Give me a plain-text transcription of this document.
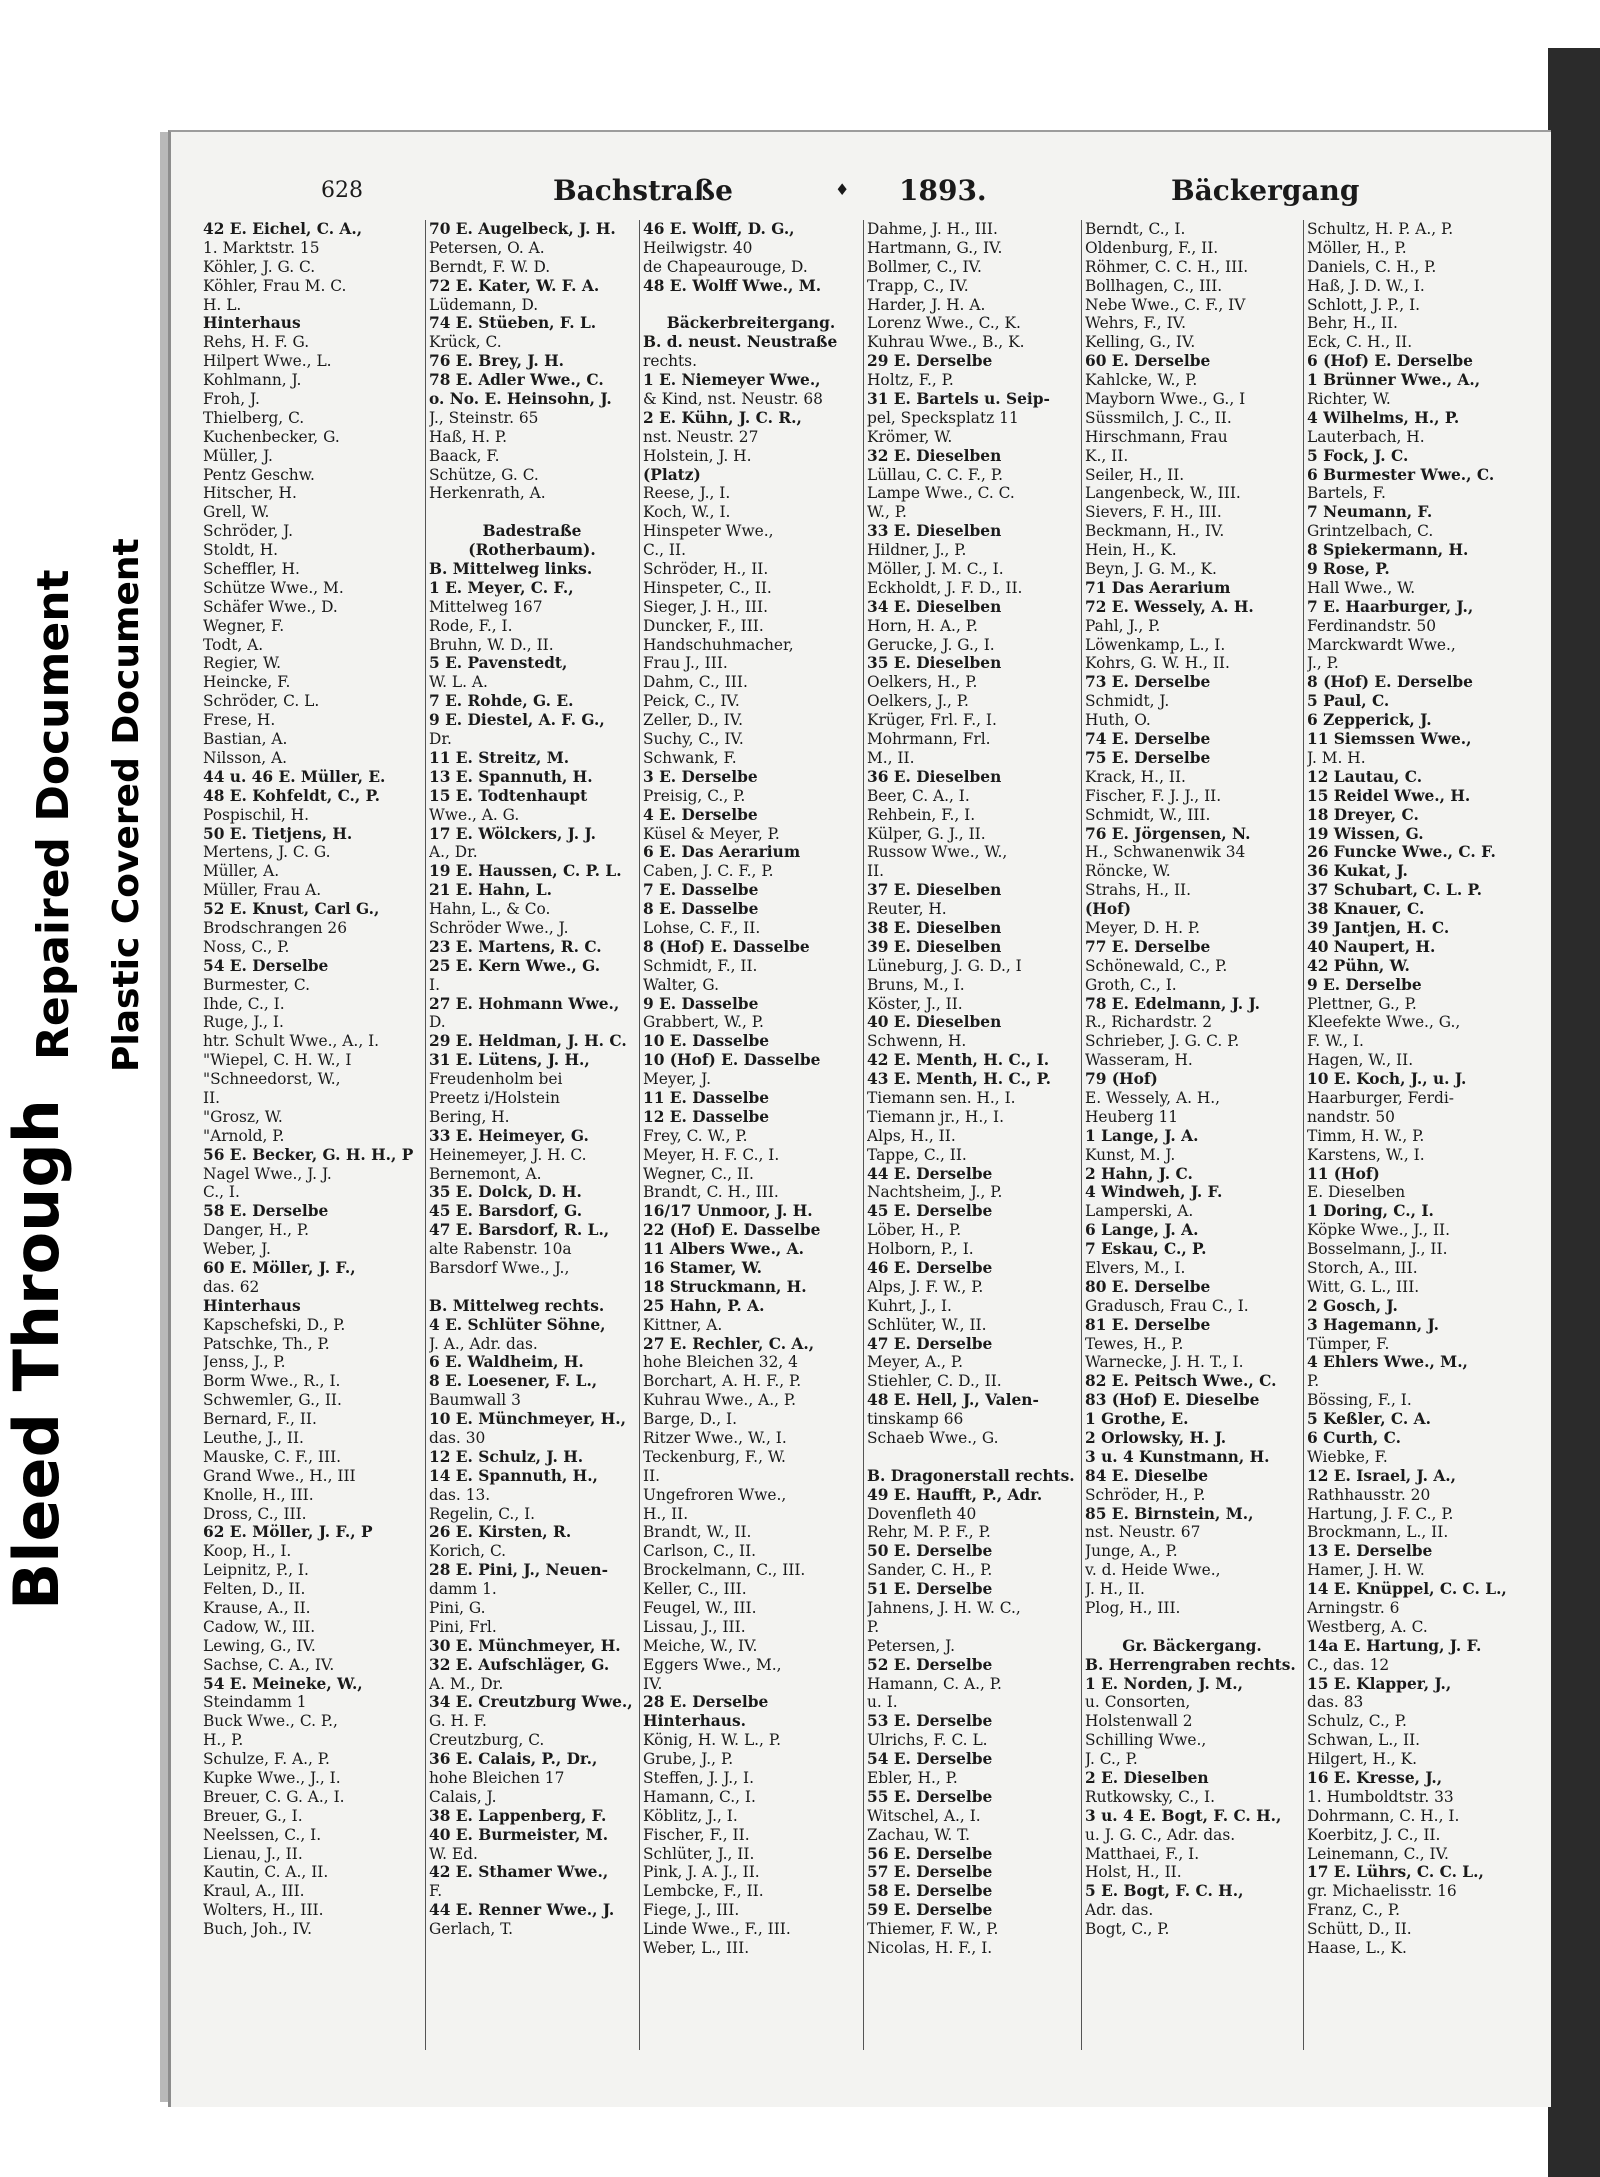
Bleed Through
Repaired Document Plastic Covered Document
628	Bachstraße	♦ 1893.	Bäckergang
42 E. Eichel, C. A.,
1. Marktstr. 15
Köhler, J. G. C.
Köhler, Frau M. C.
H. L.
Hinterhaus
Rehs, H. F. G.
Hilpert Wwe., L.
Kohlmann, J.
Froh, J.
Thielberg, C.
Kuchenbecker, G.
Müller, J.
Pentz Geschw.
Hitscher, H.
Grell, W.
Schröder, J.
Stoldt, H.
Scheffler, H.
Schütze Wwe., M.
Schäfer Wwe., D.
Wegner, F.
Todt, A.
Regier, W.
Heincke, F.
Schröder, C. L.
Frese, H.
Bastian, A.
Nilsson, A.
44 u. 46 E. Müller, E.
48 E. Kohfeldt, C., P.
Pospischil, H.
50 E. Tietjens, H.
Mertens, J. C. G.
Müller, A.
Müller, Frau A.
52 E. Knust, Carl G.,
Brodschrangen 26
Noss, C., P.
54 E. Derselbe
Burmester, C.
Ihde, C., I.
Ruge, J., I.
htr. Schult Wwe., A., I.
"Wiepel, C. H. W., I
"Schneedorst, W.,
II.
"Grosz, W.
"Arnold, P.
56 E. Becker, G. H. H., P
Nagel Wwe., J. J.
C., I.
58 E. Derselbe
Danger, H., P.
Weber, J.
60 E. Möller, J. F.,
das. 62
Hinterhaus
Kapschefski, D., P.
Patschke, Th., P.
Jenss, J., P.
Borm Wwe., R., I.
Schwemler, G., II.
Bernard, F., II.
Leuthe, J., II.
Mauske, C. F., III.
Grand Wwe., H., III
Knolle, H., III.
Dross, C., III.
62 E. Möller, J. F., P
Koop, H., I.
Leipnitz, P., I.
Felten, D., II.
Krause, A., II.
Cadow, W., III.
Lewing, G., IV.
Sachse, C. A., IV.
54 E. Meineke, W.,
Steindamm 1
Buck Wwe., C. P.,
H., P.
Schulze, F. A., P.
Kupke Wwe., J., I.
Breuer, C. G. A., I.
Breuer, G., I.
Neelssen, C., I.
Lienau, J., II.
Kautin, C. A., II.
Kraul, A., III.
Wolters, H., III.
Buch, Joh., IV.
70 E. Augelbeck, J. H.
Petersen, O. A.
Berndt, F. W. D.
72 E. Kater, W. F. A.
Lüdemann, D.
74 E. Stüeben, F. L.
Krück, C.
76 E. Brey, J. H.
78 E. Adler Wwe., C.
o. No. E. Heinsohn, J.
J., Steinstr. 65
Haß, H. P.
Baack, F.
Schütze, G. C.
Herkenrath, A.

Badestraße
(Rotherbaum).
B. Mittelweg links.
1 E. Meyer, C. F.,
Mittelweg 167
Rode, F., I.
Bruhn, W. D., II.
5 E. Pavenstedt,
W. L. A.
7 E. Rohde, G. E.
9 E. Diestel, A. F. G.,
Dr.
11 E. Streitz, M.
13 E. Spannuth, H.
15 E. Todtenhaupt
Wwe., A. G.
17 E. Wölckers, J. J.
A., Dr.
19 E. Haussen, C. P. L.
21 E. Hahn, L.
Hahn, L., & Co.
Schröder Wwe., J.
23 E. Martens, R. C.
25 E. Kern Wwe., G.
I.
27 E. Hohmann Wwe.,
D.
29 E. Heldman, J. H. C.
31 E. Lütens, J. H.,
Freudenholm bei
Preetz i/Holstein
Bering, H.
33 E. Heimeyer, G.
Heinemeyer, J. H. C.
Bernemont, A.
35 E. Dolck, D. H.
45 E. Barsdorf, G.
47 E. Barsdorf, R. L.,
alte Rabenstr. 10a
Barsdorf Wwe., J.,

B. Mittelweg rechts.
4 E. Schlüter Söhne,
J. A., Adr. das.
6 E. Waldheim, H.
8 E. Loesener, F. L.,
Baumwall 3
10 E. Münchmeyer, H.,
das. 30
12 E. Schulz, J. H.
14 E. Spannuth, H.,
das. 13.
Regelin, C., I.
26 E. Kirsten, R.
Korich, C.
28 E. Pini, J., Neuen-
damm 1.
Pini, G.
Pini, Frl.
30 E. Münchmeyer, H.
32 E. Aufschläger, G.
A. M., Dr.
34 E. Creutzburg Wwe.,
G. H. F.
Creutzburg, C.
36 E. Calais, P., Dr.,
hohe Bleichen 17
Calais, J.
38 E. Lappenberg, F.
40 E. Burmeister, M.
W. Ed.
42 E. Sthamer Wwe.,
F.
44 E. Renner Wwe., J.
Gerlach, T.
46 E. Wolff, D. G.,
Heilwigstr. 40
de Chapeaurouge, D.
48 E. Wolff Wwe., M.

Bäckerbreitergang.
B. d. neust. Neustraße
rechts.
1 E. Niemeyer Wwe.,
& Kind, nst. Neustr. 68
2 E. Kühn, J. C. R.,
nst. Neustr. 27
Holstein, J. H.
(Platz)
Reese, J., I.
Koch, W., I.
Hinspeter Wwe.,
C., II.
Schröder, H., II.
Hinspeter, C., II.
Sieger, J. H., III.
Duncker, F., III.
Handschuhmacher,
Frau J., III.
Dahm, C., III.
Peick, C., IV.
Zeller, D., IV.
Suchy, C., IV.
Schwank, F.
3 E. Derselbe
Preisig, C., P.
4 E. Derselbe
Küsel & Meyer, P.
6 E. Das Aerarium
Caben, J. C. F., P.
7 E. Dasselbe
8 E. Dasselbe
Lohse, C. F., II.
8 (Hof) E. Dasselbe
Schmidt, F., II.
Walter, G.
9 E. Dasselbe
Grabbert, W., P.
10 E. Dasselbe
10 (Hof) E. Dasselbe
Meyer, J.
11 E. Dasselbe
12 E. Dasselbe
Frey, C. W., P.
Meyer, H. F. C., I.
Wegner, C., II.
Brandt, C. H., III.
16/17 Unmoor, J. H.
22 (Hof) E. Dasselbe
11 Albers Wwe., A.
16 Stamer, W.
18 Struckmann, H.
25 Hahn, P. A.
Kittner, A.
27 E. Rechler, C. A.,
hohe Bleichen 32, 4
Borchart, A. H. F., P.
Kuhrau Wwe., A., P.
Barge, D., I.
Ritzer Wwe., W., I.
Teckenburg, F., W.
II.
Ungefroren Wwe.,
H., II.
Brandt, W., II.
Carlson, C., II.
Brockelmann, C., III.
Keller, C., III.
Feugel, W., III.
Lissau, J., III.
Meiche, W., IV.
Eggers Wwe., M.,
IV.
28 E. Derselbe
Hinterhaus.
König, H. W. L., P.
Grube, J., P.
Steffen, J. J., I.
Hamann, C., I.
Köblitz, J., I.
Fischer, F., II.
Schlüter, J., II.
Pink, J. A. J., II.
Lembcke, F., II.
Fiege, J., III.
Linde Wwe., F., III.
Weber, L., III.
Dahme, J. H., III.
Hartmann, G., IV.
Bollmer, C., IV.
Trapp, C., IV.
Harder, J. H. A.
Lorenz Wwe., C., K.
Kuhrau Wwe., B., K.
29 E. Derselbe
Holtz, F., P.
31 E. Bartels u. Seip-
pel, Specksplatz 11
Krömer, W.
32 E. Dieselben
Lüllau, C. C. F., P.
Lampe Wwe., C. C.
W., P.
33 E. Dieselben
Hildner, J., P.
Möller, J. M. C., I.
Eckholdt, J. F. D., II.
34 E. Dieselben
Horn, H. A., P.
Gerucke, J. G., I.
35 E. Dieselben
Oelkers, H., P.
Oelkers, J., P.
Krüger, Frl. F., I.
Mohrmann, Frl.
M., II.
36 E. Dieselben
Beer, C. A., I.
Rehbein, F., I.
Külper, G. J., II.
Russow Wwe., W.,
II.
37 E. Dieselben
Reuter, H.
38 E. Dieselben
39 E. Dieselben
Lüneburg, J. G. D., I
Bruns, M., I.
Köster, J., II.
40 E. Dieselben
Schwenn, H.
42 E. Menth, H. C., I.
43 E. Menth, H. C., P.
Tiemann sen. H., I.
Tiemann jr., H., I.
Alps, H., II.
Tappe, C., II.
44 E. Derselbe
Nachtsheim, J., P.
45 E. Derselbe
Löber, H., P.
Holborn, P., I.
46 E. Derselbe
Alps, J. F. W., P.
Kuhrt, J., I.
Schlüter, W., II.
47 E. Derselbe
Meyer, A., P.
Stiehler, C. D., II.
48 E. Hell, J., Valen-
tinskamp 66
Schaeb Wwe., G.

B. Dragonerstall rechts.
49 E. Haufft, P., Adr.
Dovenfleth 40
Rehr, M. P. F., P.
50 E. Derselbe
Sander, C. H., P.
51 E. Derselbe
Jahnens, J. H. W. C.,
P.
Petersen, J.
52 E. Derselbe
Hamann, C. A., P.
u. I.
53 E. Derselbe
Ulrichs, F. C. L.
54 E. Derselbe
Ebler, H., P.
55 E. Derselbe
Witschel, A., I.
Zachau, W. T.
56 E. Derselbe
57 E. Derselbe
58 E. Derselbe
59 E. Derselbe
Thiemer, F. W., P.
Nicolas, H. F., I.
Berndt, C., I.
Oldenburg, F., II.
Röhmer, C. C. H., III.
Bollhagen, C., III.
Nebe Wwe., C. F., IV
Wehrs, F., IV.
Kelling, G., IV.
60 E. Derselbe
Kahlcke, W., P.
Mayborn Wwe., G., I
Süssmilch, J. C., II.
Hirschmann, Frau
K., II.
Seiler, H., II.
Langenbeck, W., III.
Sievers, F. H., III.
Beckmann, H., IV.
Hein, H., K.
Beyn, J. G. M., K.
71 Das Aerarium
72 E. Wessely, A. H.
Pahl, J., P.
Löwenkamp, L., I.
Kohrs, G. W. H., II.
73 E. Derselbe
Schmidt, J.
Huth, O.
74 E. Derselbe
75 E. Derselbe
Krack, H., II.
Fischer, F. J. J., II.
Schmidt, W., III.
76 E. Jörgensen, N.
H., Schwanenwik 34
Röncke, W.
Strahs, H., II.
(Hof)
Meyer, D. H. P.
77 E. Derselbe
Schönewald, C., P.
Groth, C., I.
78 E. Edelmann, J. J.
R., Richardstr. 2
Schrieber, J. G. C. P.
Wasseram, H.
79 (Hof)
E. Wessely, A. H.,
Heuberg 11
1 Lange, J. A.
Kunst, M. J.
2 Hahn, J. C.
4 Windweh, J. F.
Lamperski, A.
6 Lange, J. A.
7 Eskau, C., P.
Elvers, M., I.
80 E. Derselbe
Gradusch, Frau C., I.
81 E. Derselbe
Tewes, H., P.
Warnecke, J. H. T., I.
82 E. Peitsch Wwe., C.
83 (Hof) E. Dieselbe
1 Grothe, E.
2 Orlowsky, H. J.
3 u. 4 Kunstmann, H.
84 E. Dieselbe
Schröder, H., P.
85 E. Birnstein, M.,
nst. Neustr. 67
Junge, A., P.
v. d. Heide Wwe.,
J. H., II.
Plog, H., III.

Gr. Bäckergang.
B. Herrengraben rechts.
1 E. Norden, J. M.,
u. Consorten,
Holstenwall 2
Schilling Wwe.,
J. C., P.
2 E. Dieselben
Rutkowsky, C., I.
3 u. 4 E. Bogt, F. C. H.,
u. J. G. C., Adr. das.
Matthaei, F., I.
Holst, H., II.
5 E. Bogt, F. C. H.,
Adr. das.
Bogt, C., P.
Schultz, H. P. A., P.
Möller, H., P.
Daniels, C. H., P.
Haß, J. D. W., I.
Schlott, J. P., I.
Behr, H., II.
Eck, C. H., II.
6 (Hof) E. Derselbe
1 Brünner Wwe., A.,
Richter, W.
4 Wilhelms, H., P.
Lauterbach, H.
5 Fock, J. C.
6 Burmester Wwe., C.
Bartels, F.
7 Neumann, F.
Grintzelbach, C.
8 Spiekermann, H.
9 Rose, P.
Hall Wwe., W.
7 E. Haarburger, J.,
Ferdinandstr. 50
Marckwardt Wwe.,
J., P.
8 (Hof) E. Derselbe
5 Paul, C.
6 Zepperick, J.
11 Siemssen Wwe.,
J. M. H.
12 Lautau, C.
15 Reidel Wwe., H.
18 Dreyer, C.
19 Wissen, G.
26 Funcke Wwe., C. F.
36 Kukat, J.
37 Schubart, C. L. P.
38 Knauer, C.
39 Jantjen, H. C.
40 Naupert, H.
42 Pühn, W.
9 E. Derselbe
Plettner, G., P.
Kleefekte Wwe., G.,
F. W., I.
Hagen, W., II.
10 E. Koch, J., u. J.
Haarburger, Ferdi-
nandstr. 50
Timm, H. W., P.
Karstens, W., I.
11 (Hof)
E. Dieselben
1 Doring, C., I.
Köpke Wwe., J., II.
Bosselmann, J., II.
Storch, A., III.
Witt, G. L., III.
2 Gosch, J.
3 Hagemann, J.
Tümper, F.
4 Ehlers Wwe., M.,
P.
Bössing, F., I.
5 Keßler, C. A.
6 Curth, C.
Wiebke, F.
12 E. Israel, J. A.,
Rathhausstr. 20
Hartung, J. F. C., P.
Brockmann, L., II.
13 E. Derselbe
Hamer, J. H. W.
14 E. Knüppel, C. C. L.,
Arningstr. 6
Westberg, A. C.
14a E. Hartung, J. F.
C., das. 12
15 E. Klapper, J.,
das. 83
Schulz, C., P.
Schwan, L., II.
Hilgert, H., K.
16 E. Kresse, J.,
1. Humboldtstr. 33
Dohrmann, C. H., I.
Koerbitz, J. C., II.
Leinemann, C., IV.
17 E. Lührs, C. C. L.,
gr. Michaelisstr. 16
Franz, C., P.
Schütt, D., II.
Haase, L., K.
